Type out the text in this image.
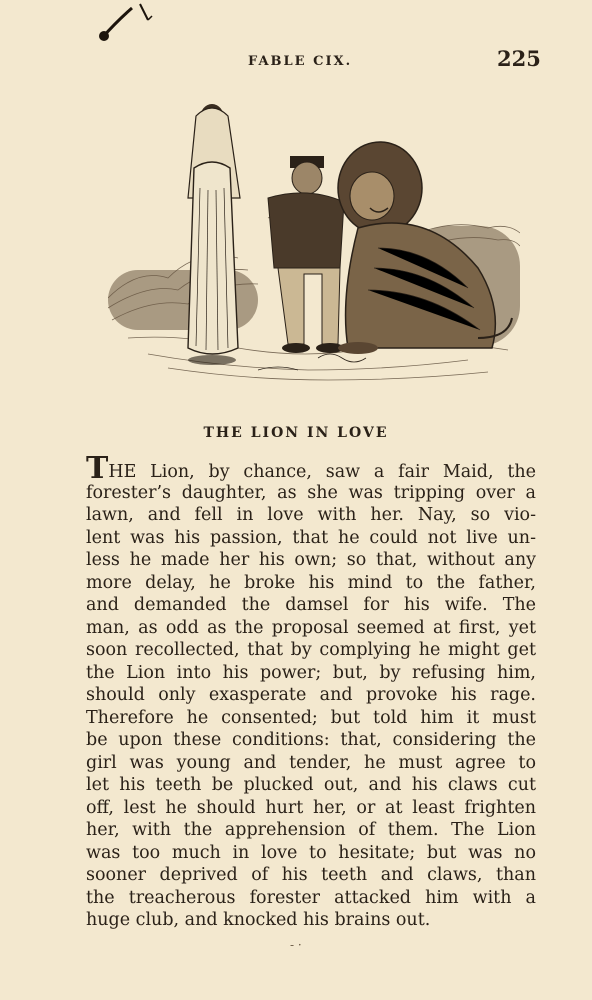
FABLE CIX.	225
THE LION IN LOVE
THE Lion, by chance, saw a fair Maid, the
forester’s daughter, as she was tripping over a
lawn, and fell in love with her. Nay, so vio-
lent was his passion, that he could not live un-
less he made her his own; so that, without any
more delay, he broke his mind to the father,
and demanded the damsel for his wife. The
man, as odd as the proposal seemed at first, yet
soon recollected, that by complying he might get
the Lion into his power; but, by refusing him,
should only exasperate and provoke his rage.
Therefore he consented; but told him it must
be upon these conditions: that, considering the
girl was young and tender, he must agree to
let his teeth be plucked out, and his claws cut
off, lest he should hurt her, or at least frighten
her, with the apprehension of them. The Lion
was too much in love to hesitate; but was no
sooner deprived of his teeth and claws, than
the treacherous forester attacked him with a
huge club, and knocked his brains out.
- ·
